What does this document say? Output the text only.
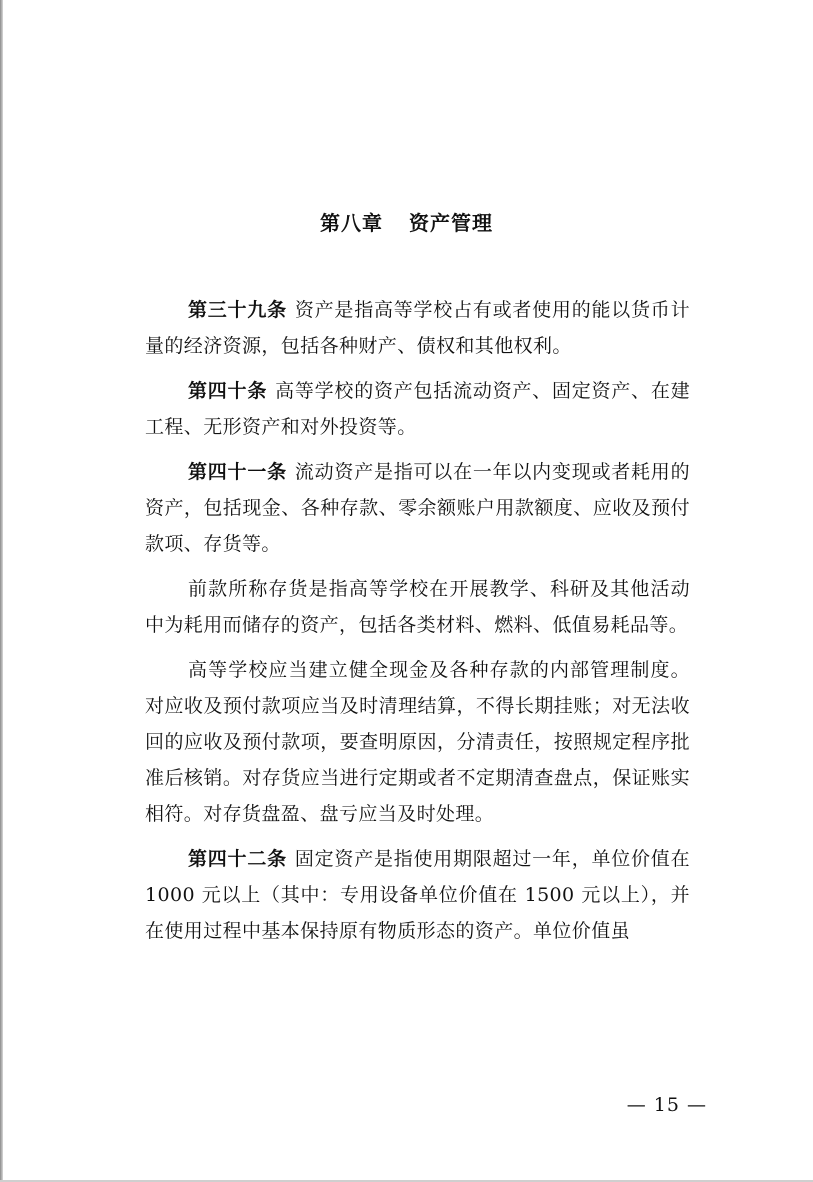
第八章 资产管理

第三十九条 资产是指高等学校占有或者使用的能以货币计量的经济资源，包括各种财产、债权和其他权利。

第四十条 高等学校的资产包括流动资产、固定资产、在建工程、无形资产和对外投资等。

第四十一条 流动资产是指可以在一年以内变现或者耗用的资产，包括现金、各种存款、零余额账户用款额度、应收及预付款项、存货等。

前款所称存货是指高等学校在开展教学、科研及其他活动中为耗用而储存的资产，包括各类材料、燃料、低值易耗品等。

高等学校应当建立健全现金及各种存款的内部管理制度。对应收及预付款项应当及时清理结算，不得长期挂账；对无法收回的应收及预付款项，要查明原因，分清责任，按照规定程序批准后核销。对存货应当进行定期或者不定期清查盘点，保证账实相符。对存货盘盈、盘亏应当及时处理。

第四十二条 固定资产是指使用期限超过一年，单位价值在 1000 元以上（其中：专用设备单位价值在 1500 元以上），并在使用过程中基本保持原有物质形态的资产。单位价值虽

— 15 —
